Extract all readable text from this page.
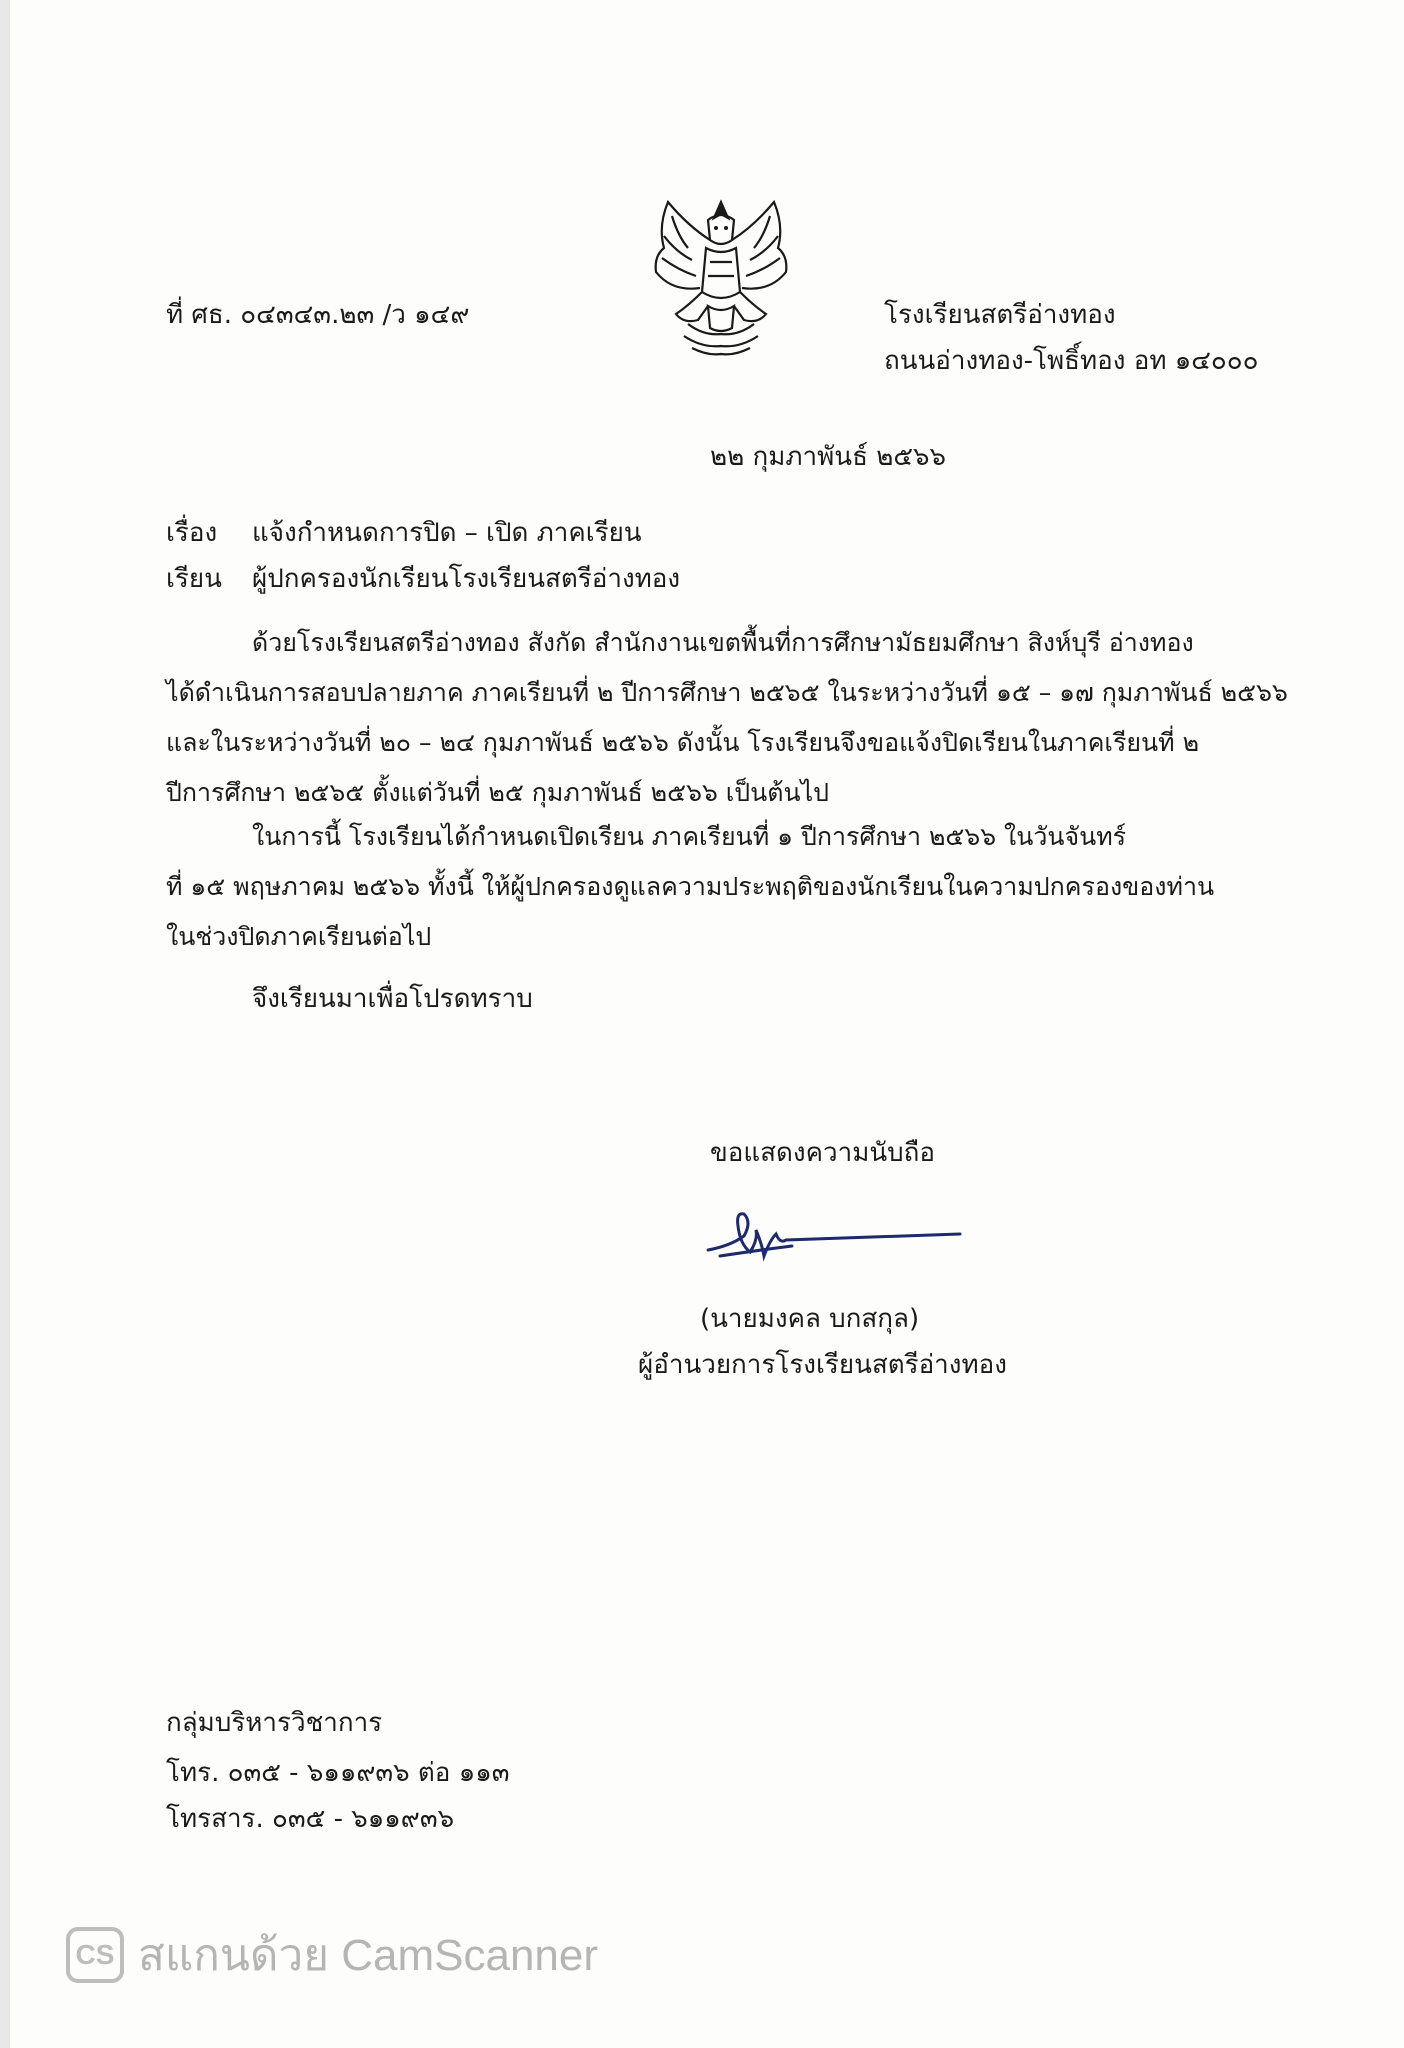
ที่ ศธ. ๐๔๓๔๓.๒๓ /ว ๑๔๙	โรงเรียนสตรีอ่างทอง
ถนนอ่างทอง-โพธิ์ทอง อท ๑๔๐๐๐
๒๒ กุมภาพันธ์ ๒๕๖๖
เรื่อง แจ้งกำหนดการปิด – เปิด ภาคเรียน
เรียน ผู้ปกครองนักเรียนโรงเรียนสตรีอ่างทอง
ด้วยโรงเรียนสตรีอ่างทอง สังกัด สำนักงานเขตพื้นที่การศึกษามัธยมศึกษา สิงห์บุรี อ่างทอง
ได้ดำเนินการสอบปลายภาค ภาคเรียนที่ ๒ ปีการศึกษา ๒๕๖๕ ในระหว่างวันที่ ๑๕ – ๑๗ กุมภาพันธ์ ๒๕๖๖
และในระหว่างวันที่ ๒๐ – ๒๔ กุมภาพันธ์ ๒๕๖๖ ดังนั้น โรงเรียนจึงขอแจ้งปิดเรียนในภาคเรียนที่ ๒
ปีการศึกษา ๒๕๖๕ ตั้งแต่วันที่ ๒๕ กุมภาพันธ์ ๒๕๖๖ เป็นต้นไป
ในการนี้ โรงเรียนได้กำหนดเปิดเรียน ภาคเรียนที่ ๑ ปีการศึกษา ๒๕๖๖ ในวันจันทร์
ที่ ๑๕ พฤษภาคม ๒๕๖๖ ทั้งนี้ ให้ผู้ปกครองดูแลความประพฤติของนักเรียนในความปกครองของท่าน
ในช่วงปิดภาคเรียนต่อไป
จึงเรียนมาเพื่อโปรดทราบ
ขอแสดงความนับถือ
(นายมงคล บกสกุล)
ผู้อำนวยการโรงเรียนสตรีอ่างทอง
กลุ่มบริหารวิชาการ
โทร. ๐๓๕ - ๖๑๑๙๓๖ ต่อ ๑๑๓
โทรสาร. ๐๓๕ - ๖๑๑๙๓๖
CS สแกนด้วย CamScanner
